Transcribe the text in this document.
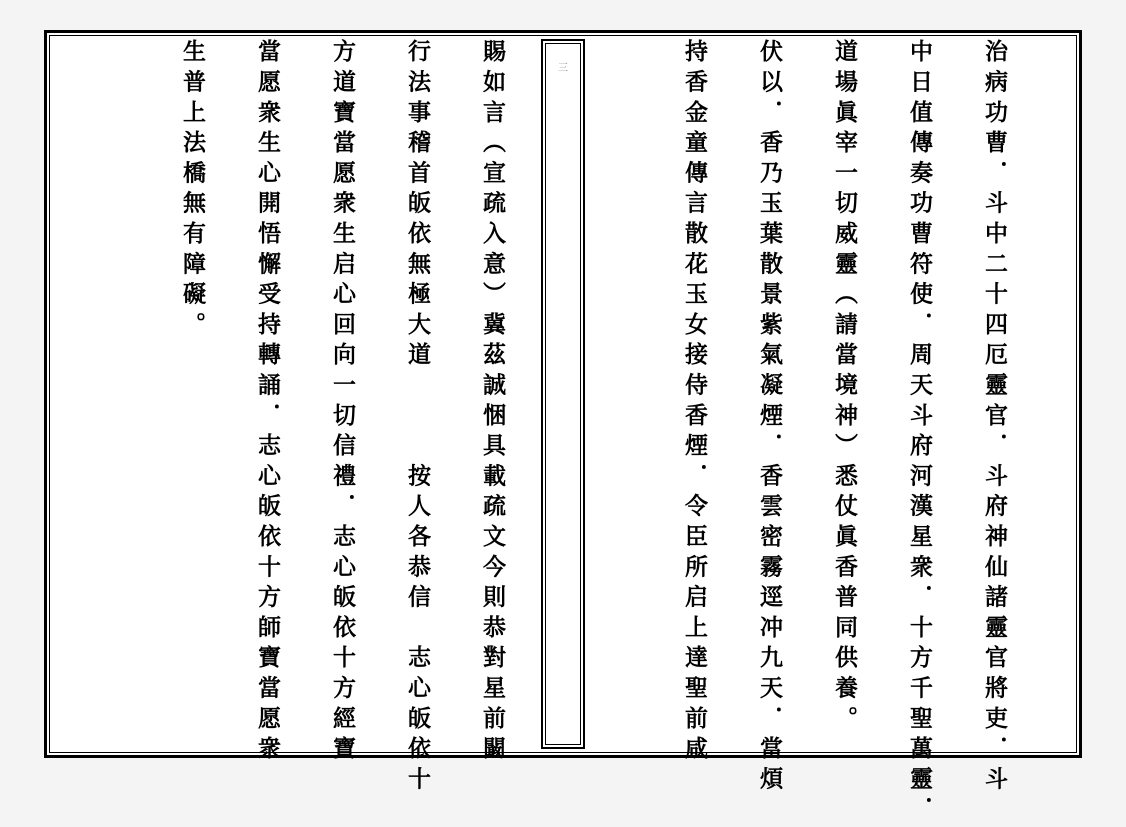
治病功曹．斗中二十四厄靈官．斗府神仙諸靈官將吏．斗
中日值傳奏功曹符使．周天斗府河漢星衆．十方千聖萬靈．
道場眞宰一切威靈（請當境神）悉仗眞香普同供養。
伏以．香乃玉葉散景紫氣凝煙．香雲密霧逕冲九天．當煩
持香金童傳言散花玉女接侍香煙．令臣所启上達聖前咸
三
賜如言（宣疏入意）冀茲誠悃具載疏文今則恭對星前闞
行法事稽首皈依無極大道　　　按人各恭信　志心皈依十
方道寶當愿衆生启心回向一切信禮．志心皈依十方經寶
當愿衆生心開悟懈受持轉誦．志心皈依十方師寶當愿衆
生普上法橋無有障礙。
